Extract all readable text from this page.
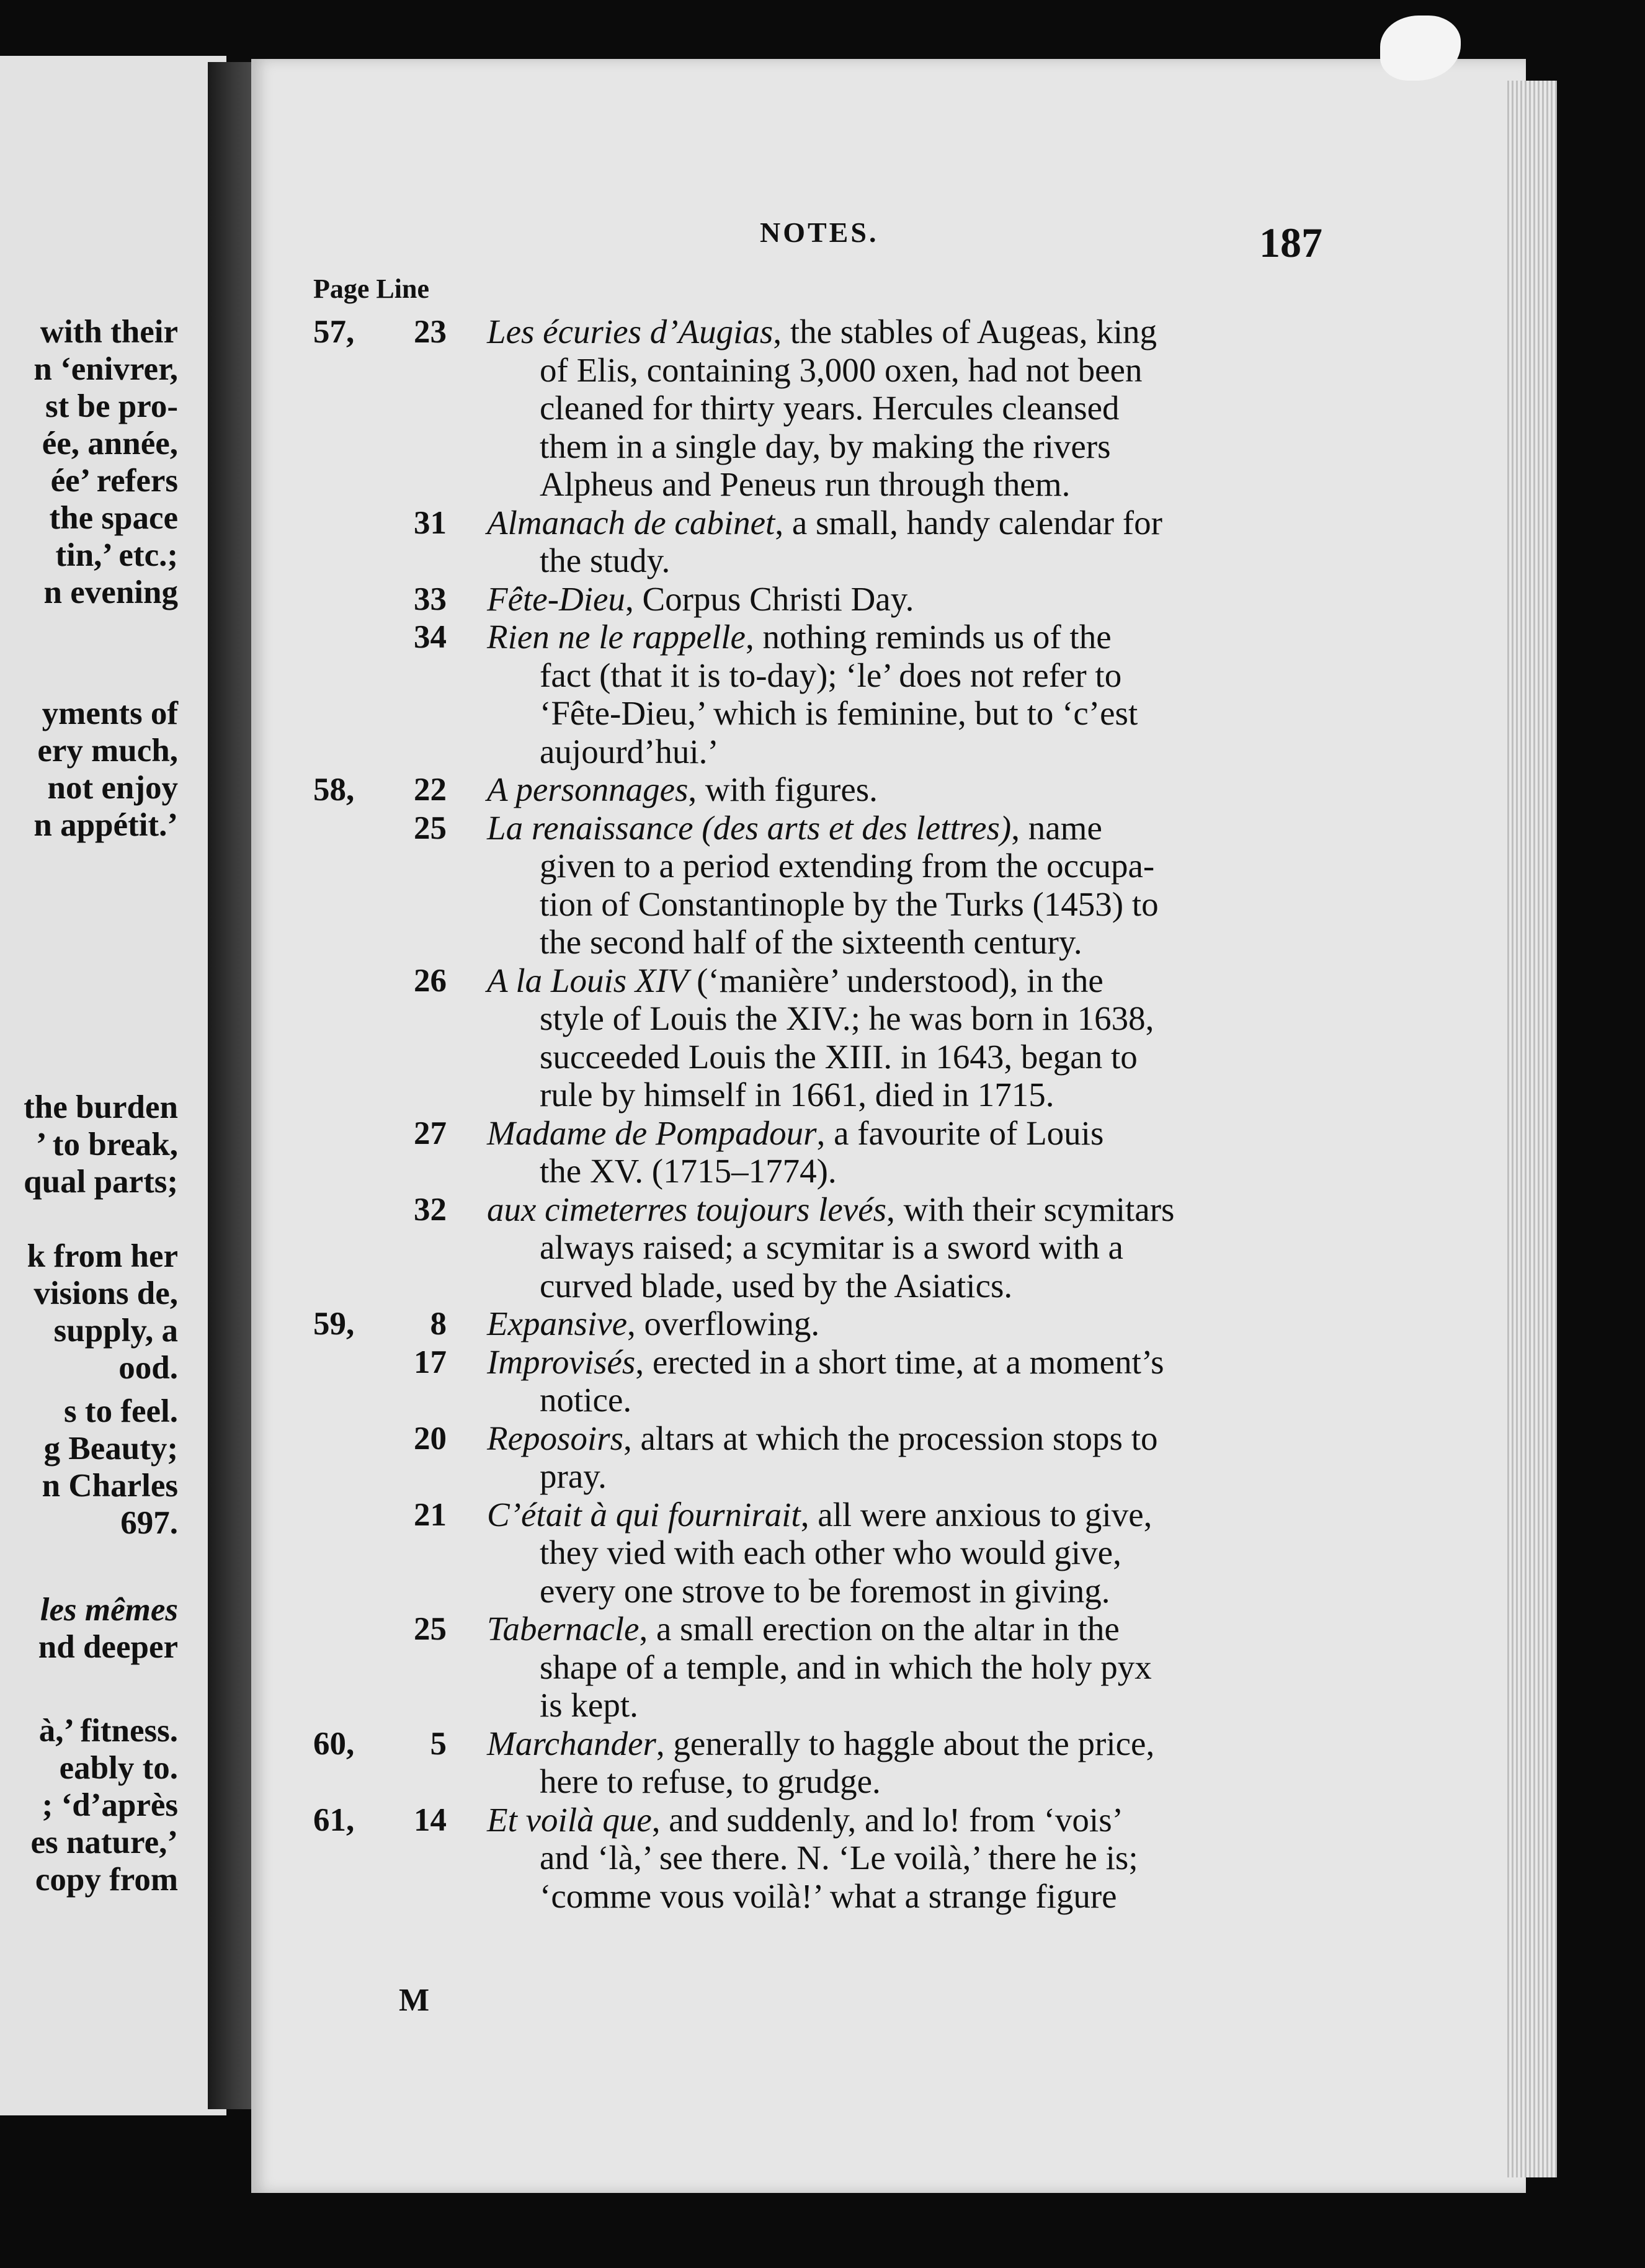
with their
n ‘enivrer,
st be pro-
ée, année,
ée’ refers
the space
tin,’ etc.;
n evening
yments of
ery much,
not enjoy
n appétit.’
the burden
’ to break,
qual parts;
k from her
visions de,
supply, a
ood.
s to feel.
g Beauty;
n Charles
697.
les mêmes
nd deeper
à,’ fitness.
eably to.
; ‘d’après
es nature,’
copy from
NOTES.	187
Page Line
57, 23 Les écuries d’Augias, the stables of Augeas, king
of Elis, containing 3,000 oxen, had not been
cleaned for thirty years. Hercules cleansed
them in a single day, by making the rivers
Alpheus and Peneus run through them.
31 Almanach de cabinet, a small, handy calendar for
the study.
33 Fête-Dieu, Corpus Christi Day.
34 Rien ne le rappelle, nothing reminds us of the
fact (that it is to-day); ‘le’ does not refer to
‘Fête-Dieu,’ which is feminine, but to ‘c’est
aujourd’hui.’
58, 22 A personnages, with figures.
25 La renaissance (des arts et des lettres), name
given to a period extending from the occupa-
tion of Constantinople by the Turks (1453) to
the second half of the sixteenth century.
26 A la Louis XIV (‘manière’ understood), in the
style of Louis the XIV.; he was born in 1638,
succeeded Louis the XIII. in 1643, began to
rule by himself in 1661, died in 1715.
27 Madame de Pompadour, a favourite of Louis
the XV. (1715–1774).
32 aux cimeterres toujours levés, with their scymitars
always raised; a scymitar is a sword with a
curved blade, used by the Asiatics.
59, 8 Expansive, overflowing.
17 Improvisés, erected in a short time, at a moment’s
notice.
20 Reposoirs, altars at which the procession stops to
pray.
21 C’était à qui fournirait, all were anxious to give,
they vied with each other who would give,
every one strove to be foremost in giving.
25 Tabernacle, a small erection on the altar in the
shape of a temple, and in which the holy pyx
is kept.
60, 5 Marchander, generally to haggle about the price,
here to refuse, to grudge.
61, 14 Et voilà que, and suddenly, and lo! from ‘vois’
and ‘là,’ see there. N. ‘Le voilà,’ there he is;
‘comme vous voilà!’ what a strange figure
M
